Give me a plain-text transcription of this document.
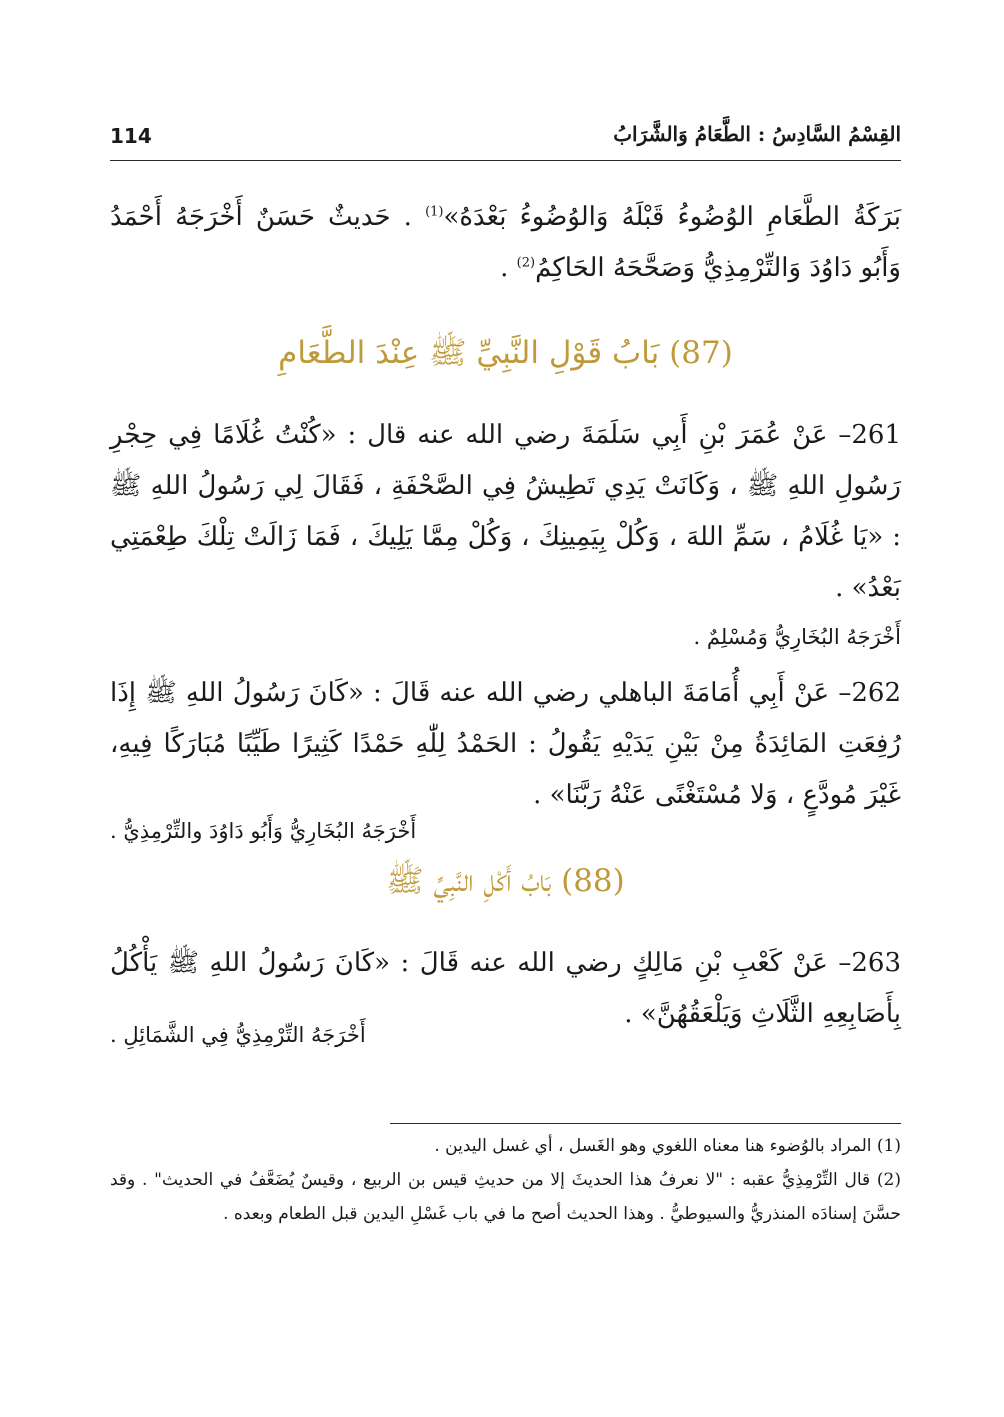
114	القِسْمُ السَّادِسُ : الطَّعَامُ وَالشَّرَابُ

بَرَكَةُ الطَّعَامِ الوُضُوءُ قَبْلَهُ وَالوُضُوءُ بَعْدَهُ»$^{(1)}$ . حَديثٌ حَسَنٌ أَخْرَجَهُ أَحْمَدُ وَأَبُو دَاوُدَ وَالتِّرْمِذِيُّ وَصَحَّحَهُ الحَاكِمُ$^{(2)}$ .

(87) بَابُ قَوْلِ النَّبِيِّ ﷺ عِنْدَ الطَّعَامِ

261– عَنْ عُمَرَ بْنِ أَبِي سَلَمَةَ رضي الله عنه قال : «كُنْتُ غُلَامًا فِي حِجْرِ رَسُولِ اللهِ ﷺ ، وَكَانَتْ يَدِي تَطِيشُ فِي الصَّحْفَةِ ، فَقَالَ لِي رَسُولُ اللهِ ﷺ : «يَا غُلَامُ ، سَمِّ اللهَ ، وَكُلْ بِيَمِينِكَ ، وَكُلْ مِمَّا يَلِيكَ ، فَمَا زَالَتْ تِلْكَ طِعْمَتِي بَعْدُ» .

أَخْرَجَهُ البُخَارِيُّ وَمُسْلِمٌ .

262– عَنْ أَبِي أُمَامَةَ الباهلي رضي الله عنه قَالَ : «كَانَ رَسُولُ اللهِ ﷺ إِذَا رُفِعَتِ المَائِدَةُ مِنْ بَيْنِ يَدَيْهِ يَقُولُ : الحَمْدُ لِلّٰهِ حَمْدًا كَثِيرًا طَيِّبًا مُبَارَكًا فِيهِ، غَيْرَ مُودَّعٍ ، وَلا مُسْتَغْنًى عَنْهُ رَبَّنَا» .

(88) بَابُ أَكْلِ النَّبِيِّ ﷺ

263– عَنْ كَعْبِ بْنِ مَالِكٍ رضي الله عنه قَالَ : «كَانَ رَسُولُ اللهِ ﷺ يَأْكُلُ بِأَصَابِعِهِ الثَّلَاثِ وَيَلْعَقُهُنَّ» .

أَخْرَجَهُ البُخَارِيُّ وَأَبُو دَاوُدَ والتِّرْمِذِيُّ .

أَخْرَجَهُ التِّرْمِذِيُّ فِي الشَّمَائِلِ .

(1) المراد بالوُضوء هنا معناه اللغوي وهو الغَسل ، أي غسل اليدين .

(2) قال التِّرْمِذِيُّ عقبه : "لا نعرفُ هذا الحديثَ إلا من حديثِ قيس بن الربيع ، وقيسٌ يُضَعَّفُ في الحديث" . وقد حسَّنَ إسنادَه المنذريُّ والسيوطيُّ . وهذا الحديث أصح ما في باب غَسْلِ اليدين قبل الطعام وبعده .
